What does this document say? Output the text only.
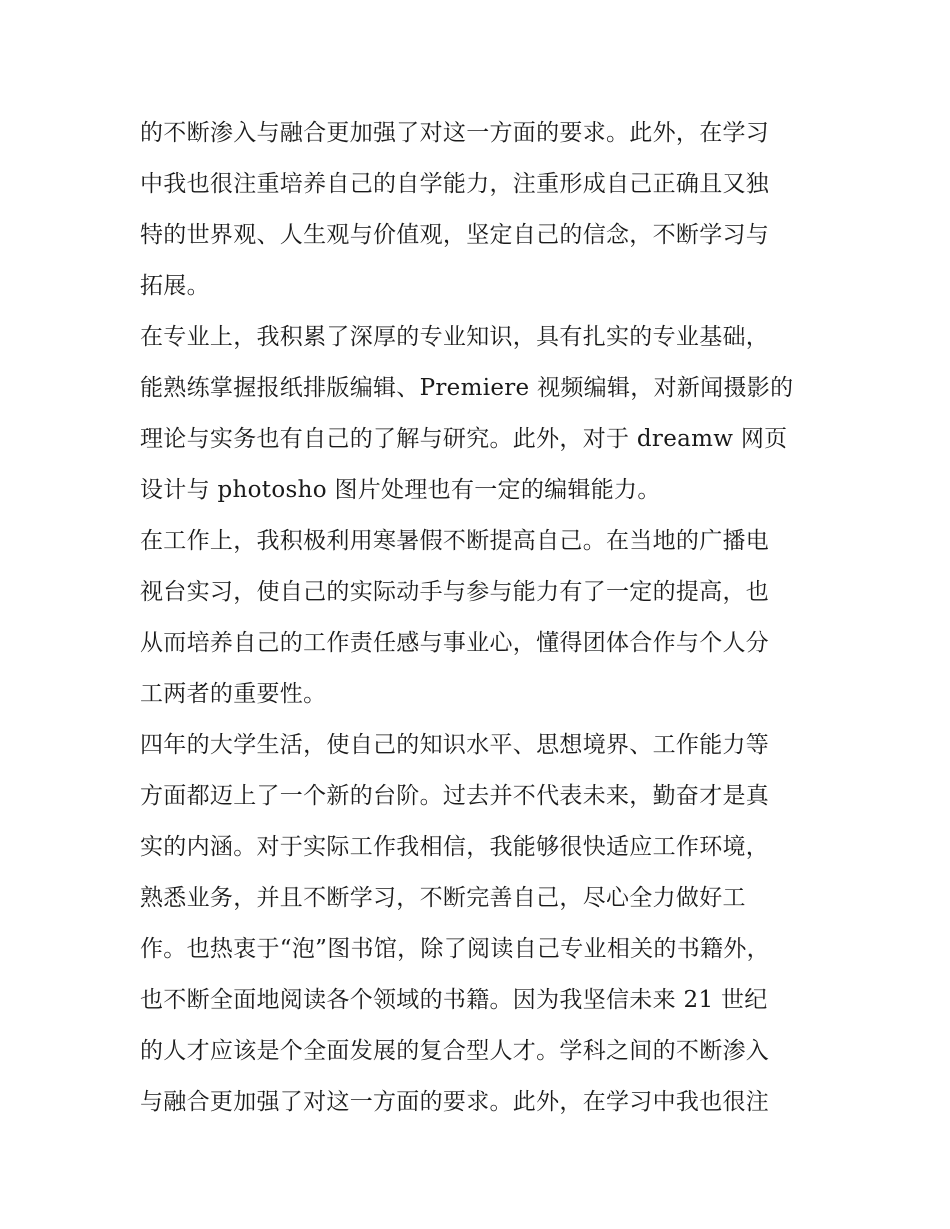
的不断渗入与融合更加强了对这一方面的要求。此外，在学习
中我也很注重培养自己的自学能力，注重形成自己正确且又独
特的世界观、人生观与价值观，坚定自己的信念，不断学习与
拓展。
在专业上，我积累了深厚的专业知识，具有扎实的专业基础，
能熟练掌握报纸排版编辑、Premiere 视频编辑，对新闻摄影的
理论与实务也有自己的了解与研究。此外，对于 dreamw 网页
设计与 photosho 图片处理也有一定的编辑能力。
在工作上，我积极利用寒暑假不断提高自己。在当地的广播电
视台实习，使自己的实际动手与参与能力有了一定的提高，也
从而培养自己的工作责任感与事业心，懂得团体合作与个人分
工两者的重要性。
四年的大学生活，使自己的知识水平、思想境界、工作能力等
方面都迈上了一个新的台阶。过去并不代表未来，勤奋才是真
实的内涵。对于实际工作我相信，我能够很快适应工作环境，
熟悉业务，并且不断学习，不断完善自己，尽心全力做好工
作。也热衷于“泡”图书馆，除了阅读自己专业相关的书籍外，
也不断全面地阅读各个领域的书籍。因为我坚信未来 21 世纪
的人才应该是个全面发展的复合型人才。学科之间的不断渗入
与融合更加强了对这一方面的要求。此外，在学习中我也很注
